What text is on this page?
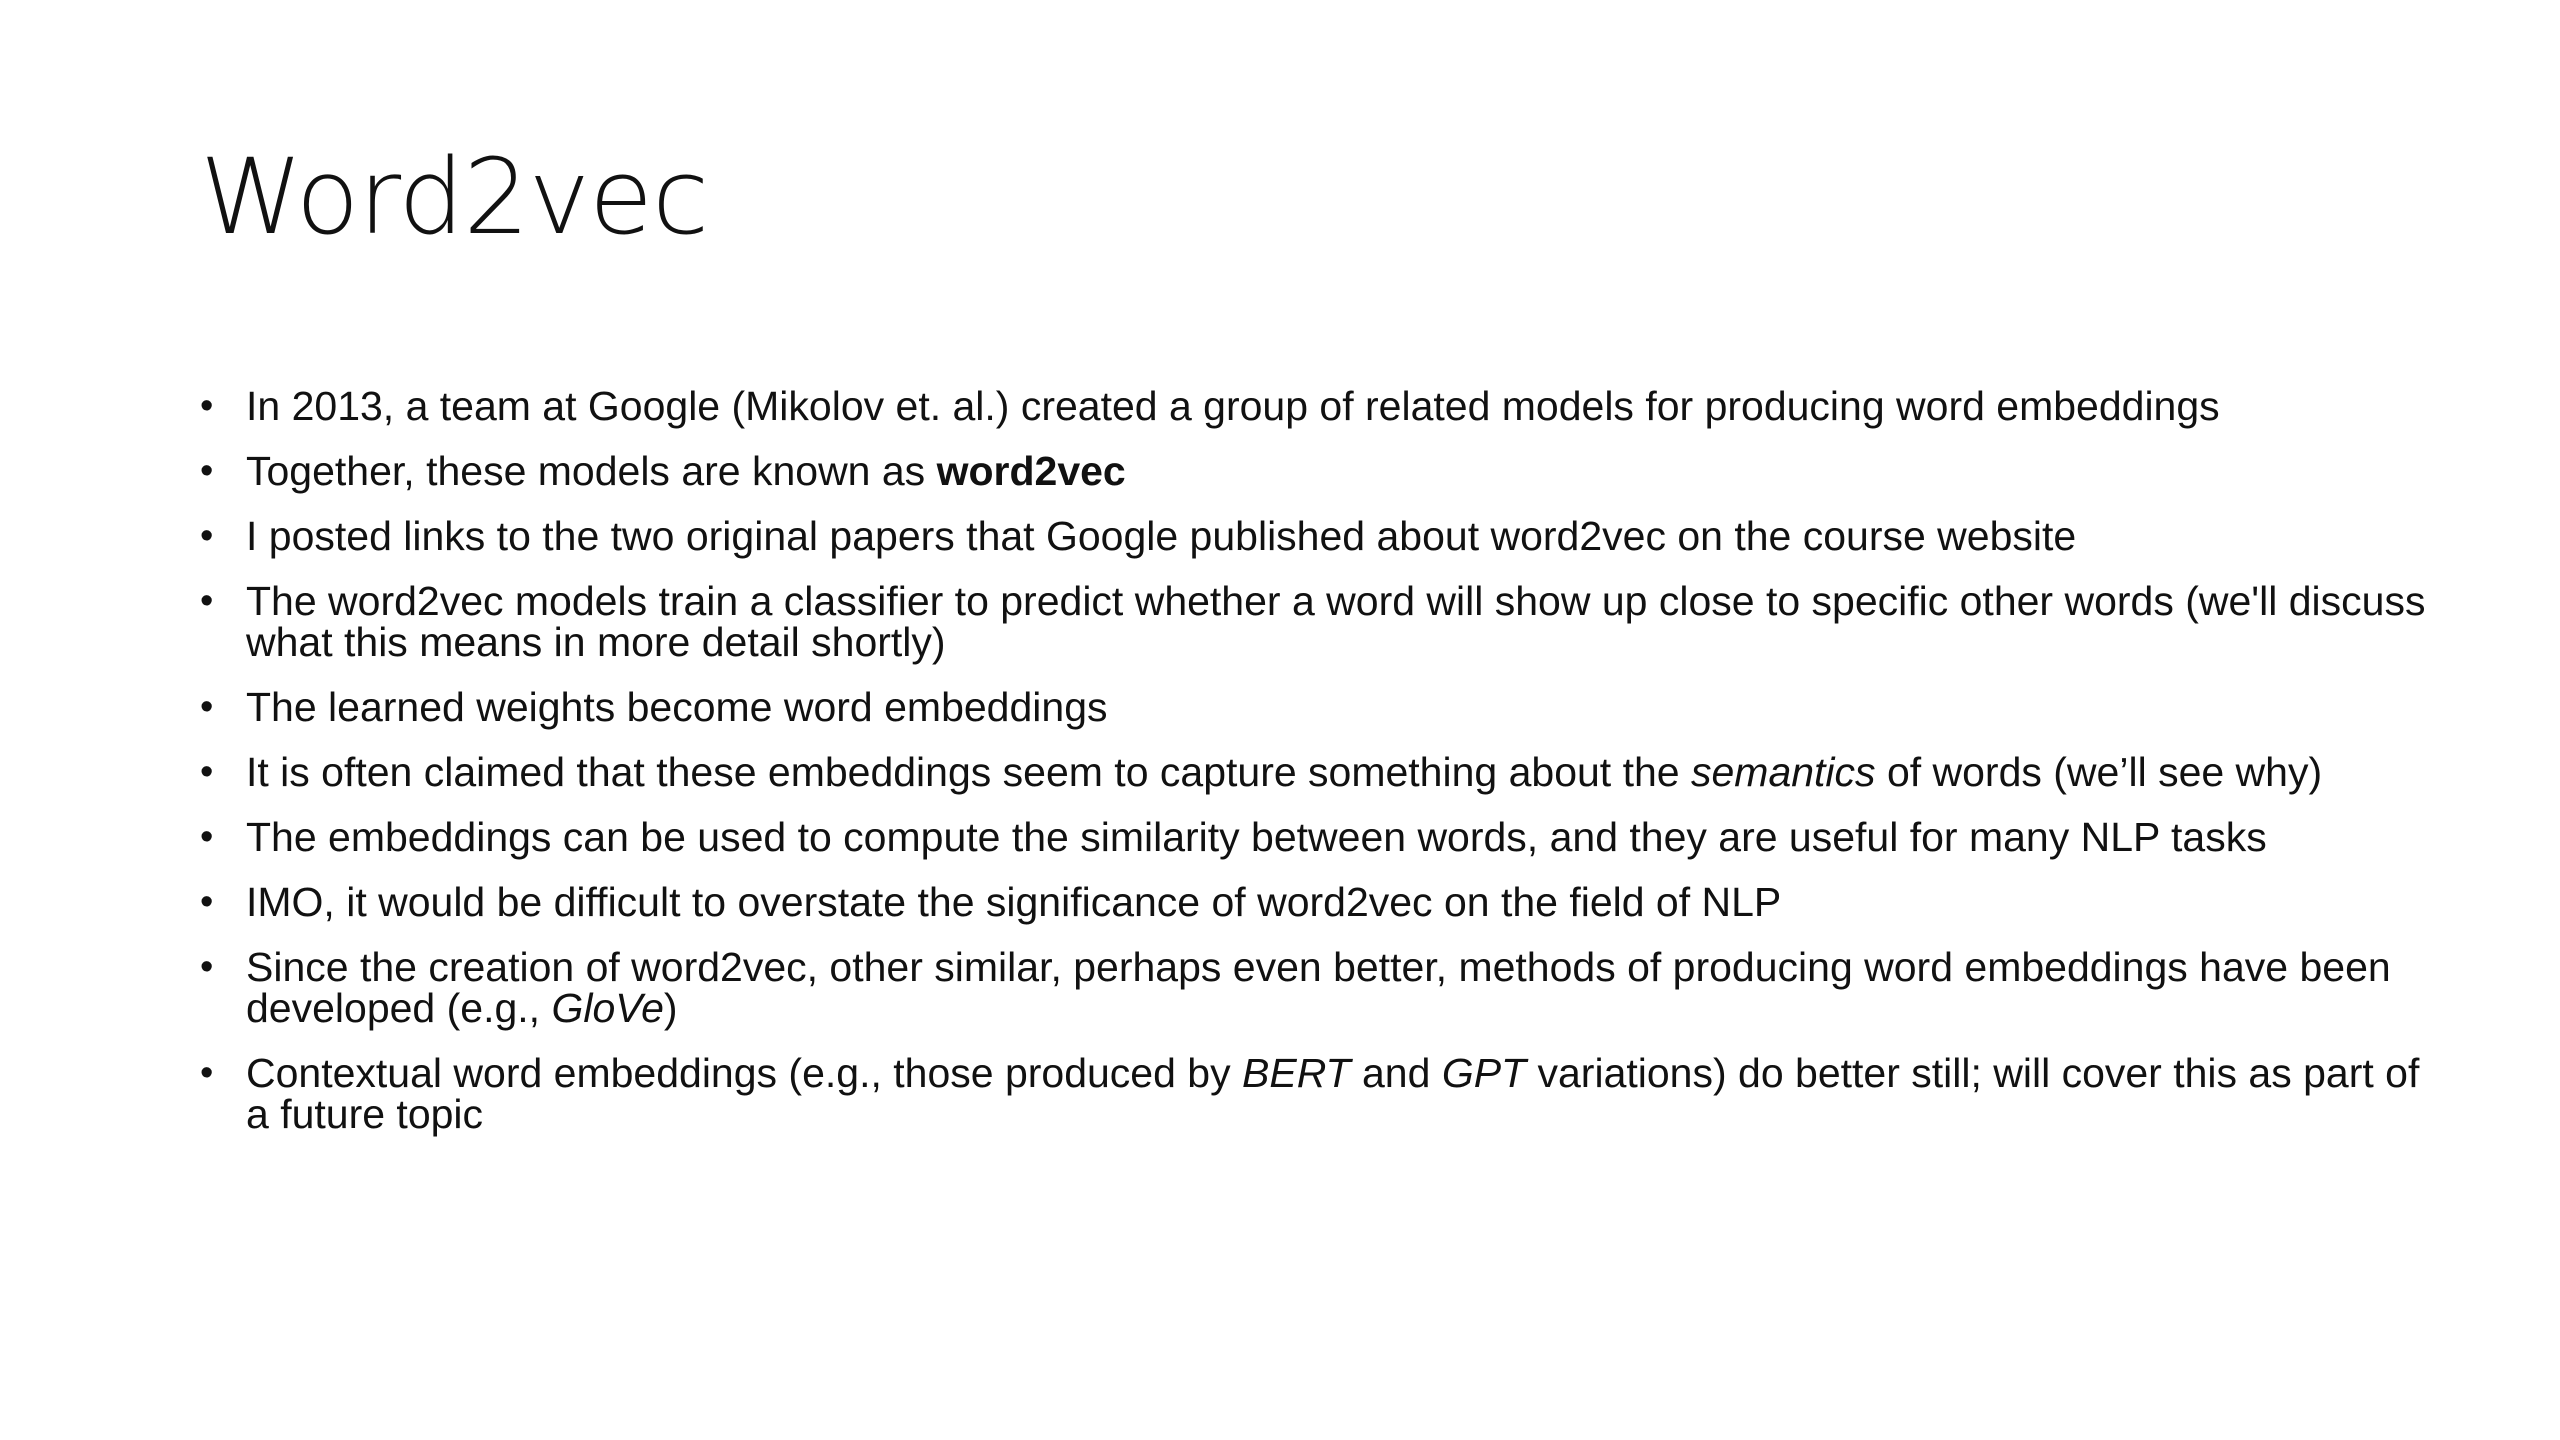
Word2vec
• In 2013, a team at Google (Mikolov et. al.) created a group of related models for producing word embeddings
• Together, these models are known as word2vec
• I posted links to the two original papers that Google published about word2vec on the course website
• The word2vec models train a classifier to predict whether a word will show up close to specific other words (we'll discuss what this means in more detail shortly)
• The learned weights become word embeddings
• It is often claimed that these embeddings seem to capture something about the semantics of words (we’ll see why)
• The embeddings can be used to compute the similarity between words, and they are useful for many NLP tasks
• IMO, it would be difficult to overstate the significance of word2vec on the field of NLP
• Since the creation of word2vec, other similar, perhaps even better, methods of producing word embeddings have been developed (e.g., GloVe)
• Contextual word embeddings (e.g., those produced by BERT and GPT variations) do better still; will cover this as part of a future topic
